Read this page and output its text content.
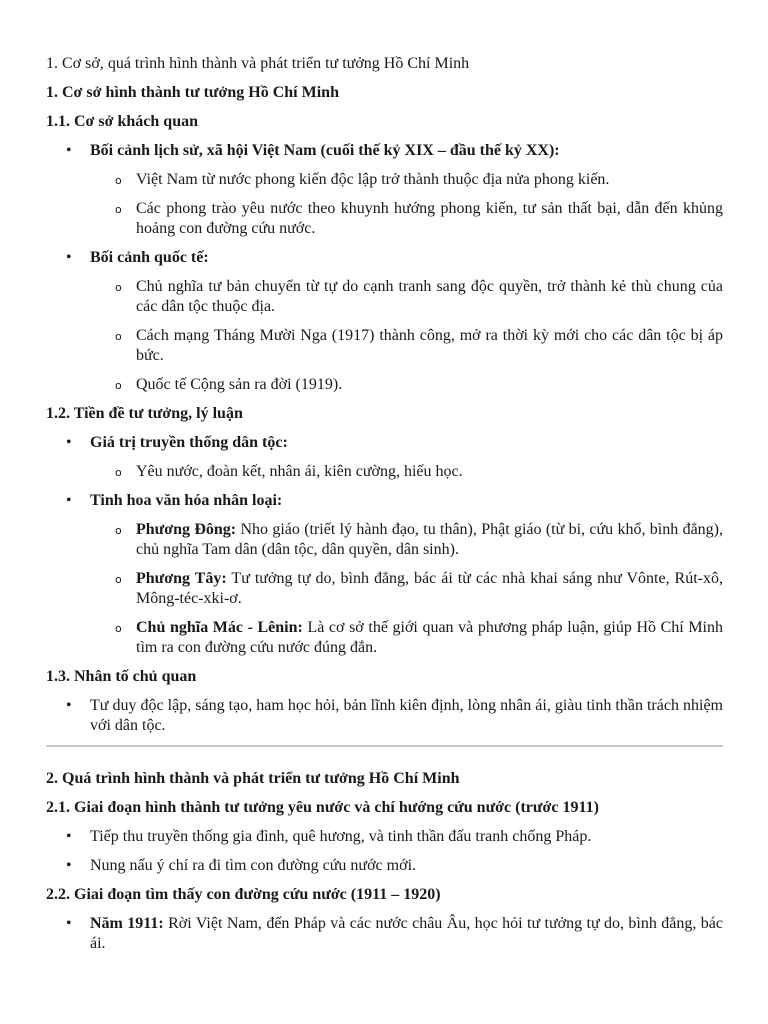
1. Cơ sở, quá trình hình thành và phát triển tư tưởng Hồ Chí Minh

1. Cơ sở hình thành tư tưởng Hồ Chí Minh

1.1. Cơ sở khách quan

• Bối cảnh lịch sử, xã hội Việt Nam (cuối thế kỷ XIX – đầu thế kỷ XX):
o Việt Nam từ nước phong kiến độc lập trở thành thuộc địa nửa phong kiến.
o Các phong trào yêu nước theo khuynh hướng phong kiến, tư sản thất bại, dẫn đến khủng hoảng con đường cứu nước.
• Bối cảnh quốc tế:
o Chủ nghĩa tư bản chuyển từ tự do cạnh tranh sang độc quyền, trở thành kẻ thù chung của các dân tộc thuộc địa.
o Cách mạng Tháng Mười Nga (1917) thành công, mở ra thời kỳ mới cho các dân tộc bị áp bức.
o Quốc tế Cộng sản ra đời (1919).

1.2. Tiền đề tư tưởng, lý luận

• Giá trị truyền thống dân tộc:
o Yêu nước, đoàn kết, nhân ái, kiên cường, hiếu học.
• Tinh hoa văn hóa nhân loại:
o Phương Đông: Nho giáo (triết lý hành đạo, tu thân), Phật giáo (từ bi, cứu khổ, bình đẳng), chủ nghĩa Tam dân (dân tộc, dân quyền, dân sinh).
o Phương Tây: Tư tưởng tự do, bình đẳng, bác ái từ các nhà khai sáng như Vônte, Rút-xô, Mông-téc-xki-ơ.
o Chủ nghĩa Mác - Lênin: Là cơ sở thế giới quan và phương pháp luận, giúp Hồ Chí Minh tìm ra con đường cứu nước đúng đắn.

1.3. Nhân tố chủ quan

• Tư duy độc lập, sáng tạo, ham học hỏi, bản lĩnh kiên định, lòng nhân ái, giàu tinh thần trách nhiệm với dân tộc.

2. Quá trình hình thành và phát triển tư tưởng Hồ Chí Minh

2.1. Giai đoạn hình thành tư tưởng yêu nước và chí hướng cứu nước (trước 1911)

• Tiếp thu truyền thống gia đình, quê hương, và tinh thần đấu tranh chống Pháp.
• Nung nấu ý chí ra đi tìm con đường cứu nước mới.

2.2. Giai đoạn tìm thấy con đường cứu nước (1911 – 1920)

• Năm 1911: Rời Việt Nam, đến Pháp và các nước châu Âu, học hỏi tư tưởng tự do, bình đẳng, bác ái.
